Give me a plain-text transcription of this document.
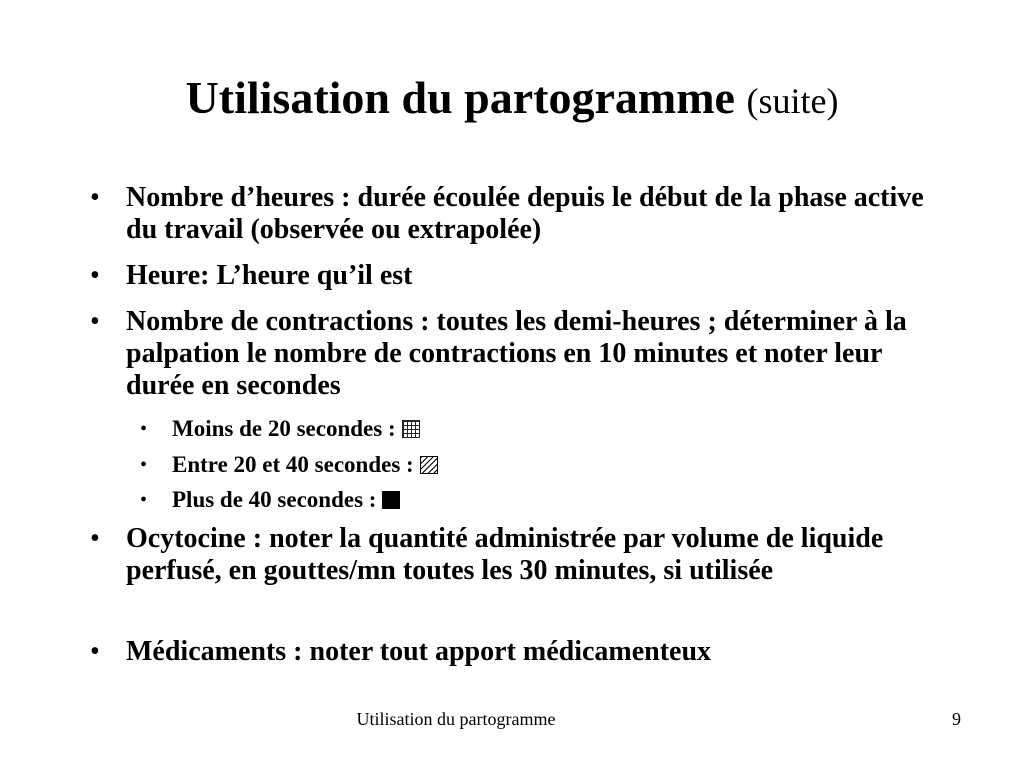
Utilisation du partogramme (suite)
• Nombre d’heures : durée écoulée depuis le début de la phase active du travail (observée ou extrapolée)
• Heure: L’heure qu’il est
• Nombre de contractions : toutes les demi-heures ; déterminer à la palpation le nombre de contractions en 10 minutes et noter leur durée en secondes
• Moins de 20 secondes :
• Entre 20 et 40 secondes :
• Plus de 40 secondes :
• Ocytocine : noter la quantité administrée par volume de liquide perfusé, en gouttes/mn toutes les 30 minutes, si utilisée
• Médicaments : noter tout apport médicamenteux
Utilisation du partogramme	9
